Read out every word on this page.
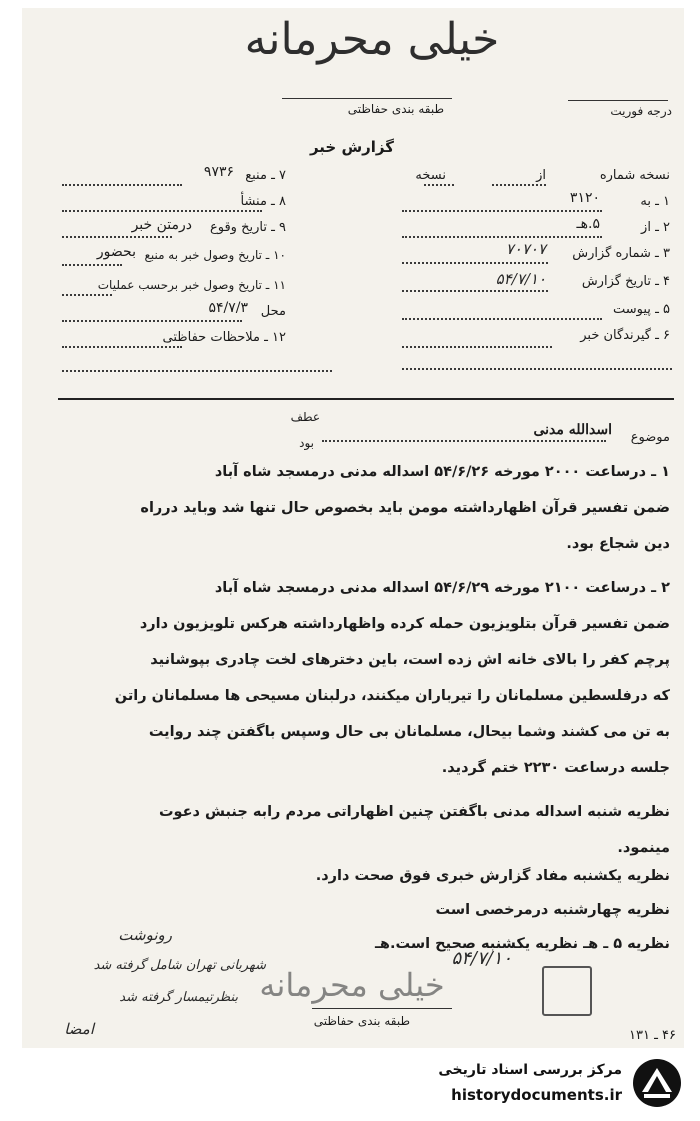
خیلی محرمانه
طبقه بندی حفاظتی	درجه فوریت
گزارش خبر
نسخه شماره
از
نسخه
۱ ـ به
۳۱۲۰
۲ ـ از
۵.هـ
۳ ـ شماره گزارش
۷۰۷۰۷
۴ ـ تاریخ گزارش
۵۴/۷/۱۰
۵ ـ پیوست
۶ ـ گیرندگان خبر
۷ ـ منبع
۹۷۳۶
۸ ـ منشأ
۹ ـ تاریخ وقوع
درمتن خبر
۱۰ ـ تاریخ وصول خبر به منبع
بحضور
۱۱ ـ تاریخ وصول خبر برحسب عملیات
محل
۵۴/۷/۳
۱۲ ـ ملاحظات حفاظتی
موضوع
اسدالله مدنی
عطف
بود
۱ ـ درساعت ۲۰۰۰ مورخه ۵۴/۶/۲۶ اسداله مدنی درمسجد شاه آباد
ضمن تفسیر قرآن اظهارداشته مومن باید بخصوص حال تنها شد وباید درراه
دین شجاع بود.
۲ ـ درساعت ۲۱۰۰ مورخه ۵۴/۶/۲۹ اسداله مدنی درمسجد شاه آباد
ضمن تفسیر قرآن بتلویزیون حمله کرده واظهارداشته هرکس تلویزیون دارد
پرچم کفر را بالای خانه اش زده است، باین دخترهای لخت چادری بپوشانید
که درفلسطین مسلمانان را تیرباران میکنند، درلبنان مسیحی ها مسلمانان راتن
به تن می کشند وشما بیحال، مسلمانان بی حال وسپس باگفتن چند روایت
جلسه درساعت ۲۲۳۰ ختم گردید.
نظریه شنبه اسداله مدنی باگفتن چنین اظهاراتی مردم رابه جنبش دعوت
مینمود.
نظریه یکشنبه مفاد گزارش خبری فوق صحت دارد.
نظریه چهارشنبه درمرخصی است
نظریه ۵ ـ هـ نظریه یکشنبه صحیح است.هـ
رونوشت
شهربانی تهران شامل گرفته شد
بنظرتیمسار گرفته شد
امضا
خیلی محرمانه
۵۴/۷/۱۰
طبقه بندی حفاظتی
۴۶ ـ ۱۳۱
مرکز بررسی اسناد تاریخی
historydocuments.ir
